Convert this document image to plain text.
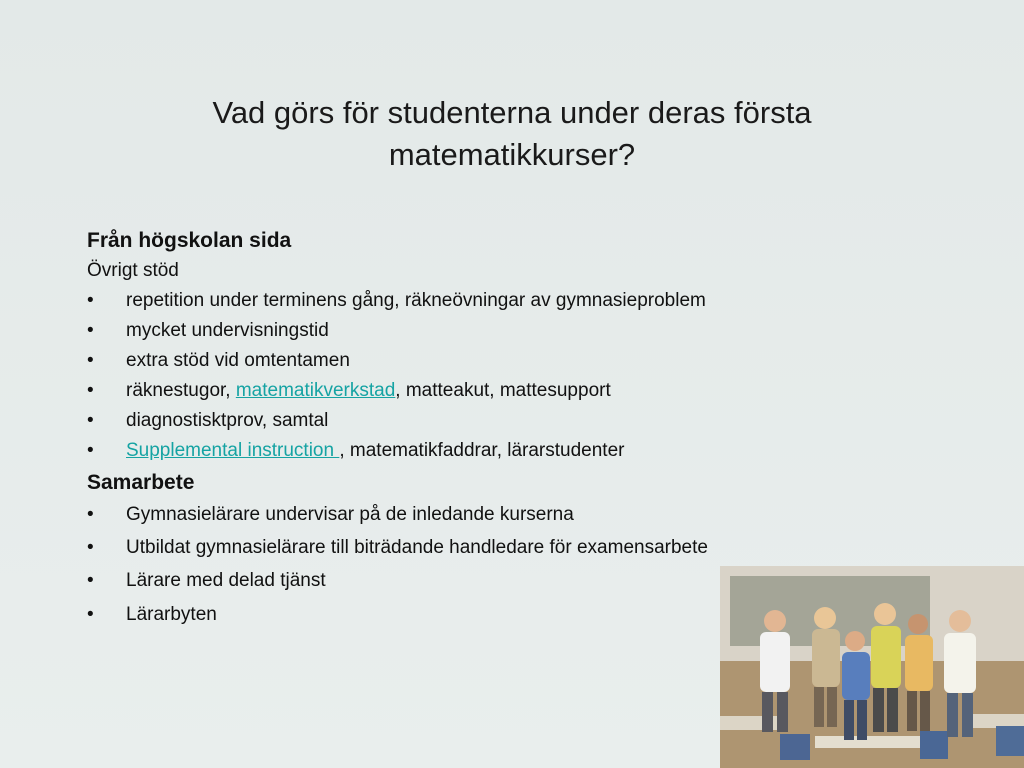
Vad görs för studenterna under deras första matematikkurser?
Från högskolan sida
Övrigt stöd
•	repetition under terminens gång, räkneövningar av gymnasieproblem
•	mycket undervisningstid
•	extra stöd vid omtentamen
•	räknestugor, matematikverkstad, matteakut, mattesupport
•	diagnostisktprov, samtal
•	Supplemental instruction , matematikfaddrar, lärarstudenter
Samarbete
•	Gymnasielärare undervisar på de inledande kurserna
•	Utbildat gymnasielärare till biträdande handledare för examensarbete
•	Lärare med delad tjänst
•	Lärarbyten
